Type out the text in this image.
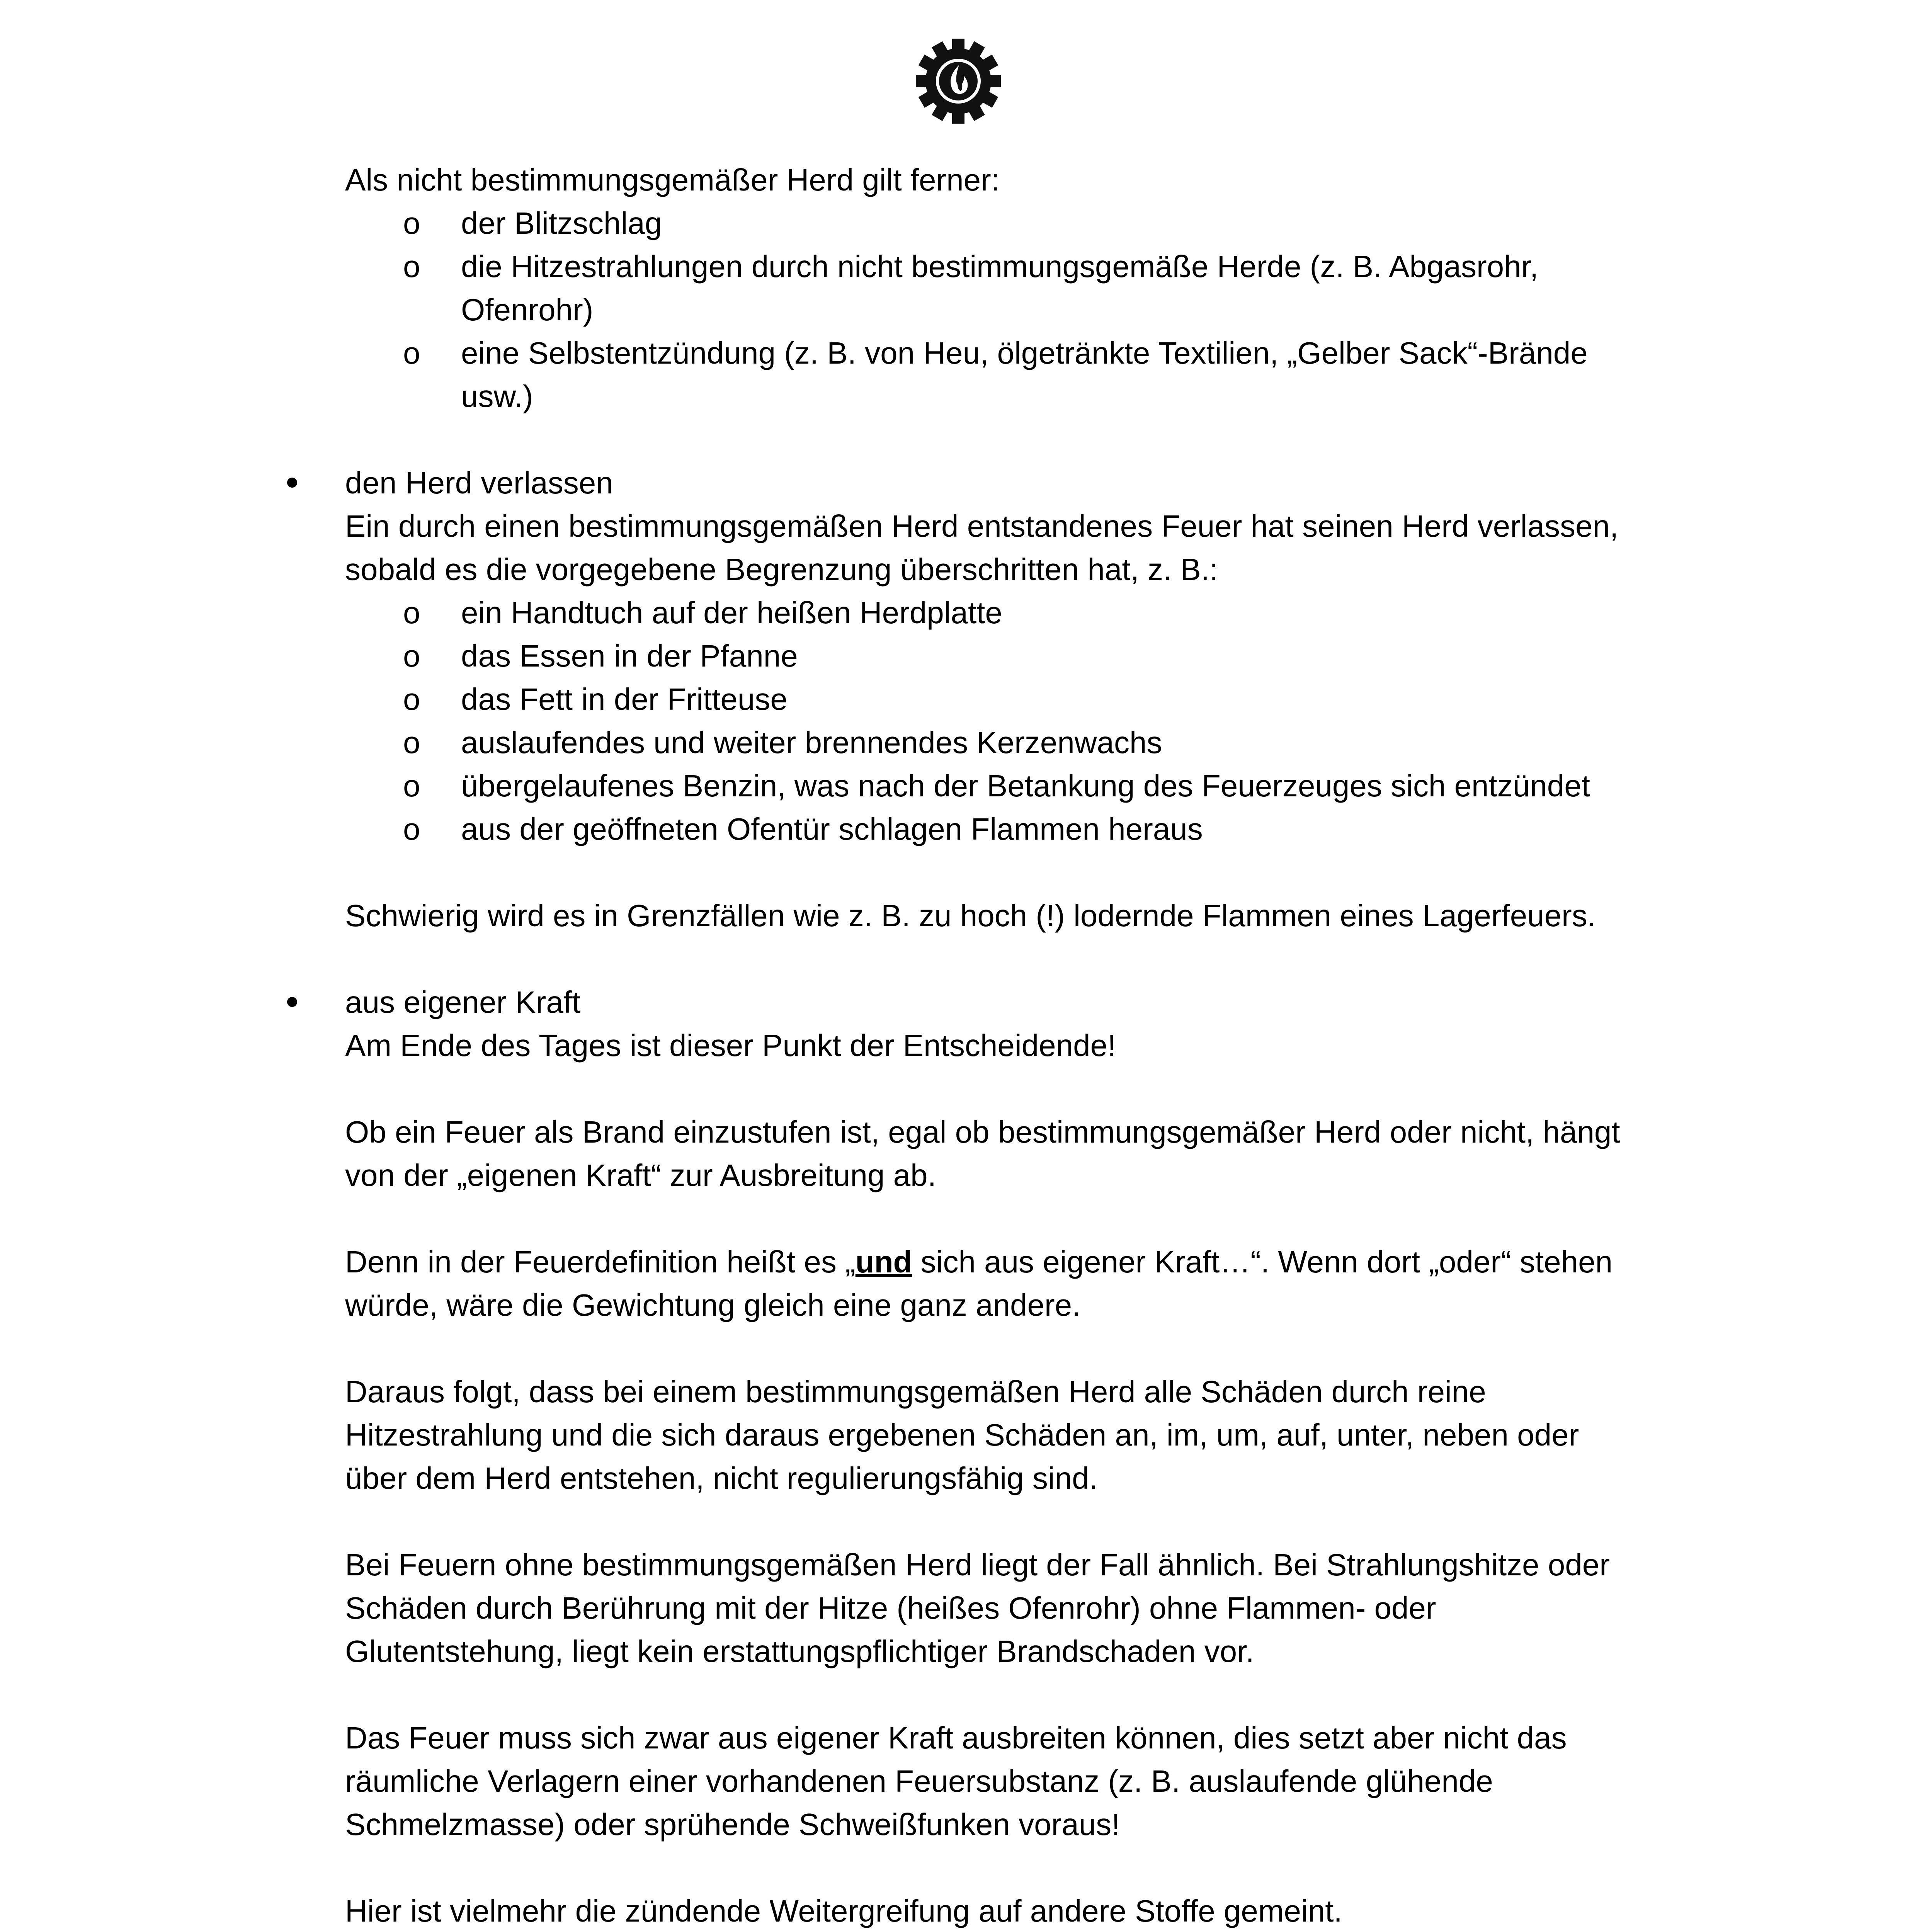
Als nicht bestimmungsgemäßer Herd gilt ferner:
o der Blitzschlag
o die Hitzestrahlungen durch nicht bestimmungsgemäße Herde (z. B. Abgasrohr,
Ofenrohr)
o eine Selbstentzündung (z. B. von Heu, ölgetränkte Textilien, „Gelber Sack“-Brände
usw.)
den Herd verlassen
Ein durch einen bestimmungsgemäßen Herd entstandenes Feuer hat seinen Herd verlassen,
sobald es die vorgegebene Begrenzung überschritten hat, z. B.:
o ein Handtuch auf der heißen Herdplatte
o das Essen in der Pfanne
o das Fett in der Fritteuse
o auslaufendes und weiter brennendes Kerzenwachs
o übergelaufenes Benzin, was nach der Betankung des Feuerzeuges sich entzündet
o aus der geöffneten Ofentür schlagen Flammen heraus
Schwierig wird es in Grenzfällen wie z. B. zu hoch (!) lodernde Flammen eines Lagerfeuers.
aus eigener Kraft
Am Ende des Tages ist dieser Punkt der Entscheidende!
Ob ein Feuer als Brand einzustufen ist, egal ob bestimmungsgemäßer Herd oder nicht, hängt
von der „eigenen Kraft“ zur Ausbreitung ab.
Denn in der Feuerdefinition heißt es „und sich aus eigener Kraft…“. Wenn dort „oder“ stehen
würde, wäre die Gewichtung gleich eine ganz andere.
Daraus folgt, dass bei einem bestimmungsgemäßen Herd alle Schäden durch reine
Hitzestrahlung und die sich daraus ergebenen Schäden an, im, um, auf, unter, neben oder
über dem Herd entstehen, nicht regulierungsfähig sind.
Bei Feuern ohne bestimmungsgemäßen Herd liegt der Fall ähnlich. Bei Strahlungshitze oder
Schäden durch Berührung mit der Hitze (heißes Ofenrohr) ohne Flammen- oder
Glutentstehung, liegt kein erstattungspflichtiger Brandschaden vor.
Das Feuer muss sich zwar aus eigener Kraft ausbreiten können, dies setzt aber nicht das
räumliche Verlagern einer vorhandenen Feuersubstanz (z. B. auslaufende glühende
Schmelzmasse) oder sprühende Schweißfunken voraus!
Hier ist vielmehr die zündende Weitergreifung auf andere Stoffe gemeint.
